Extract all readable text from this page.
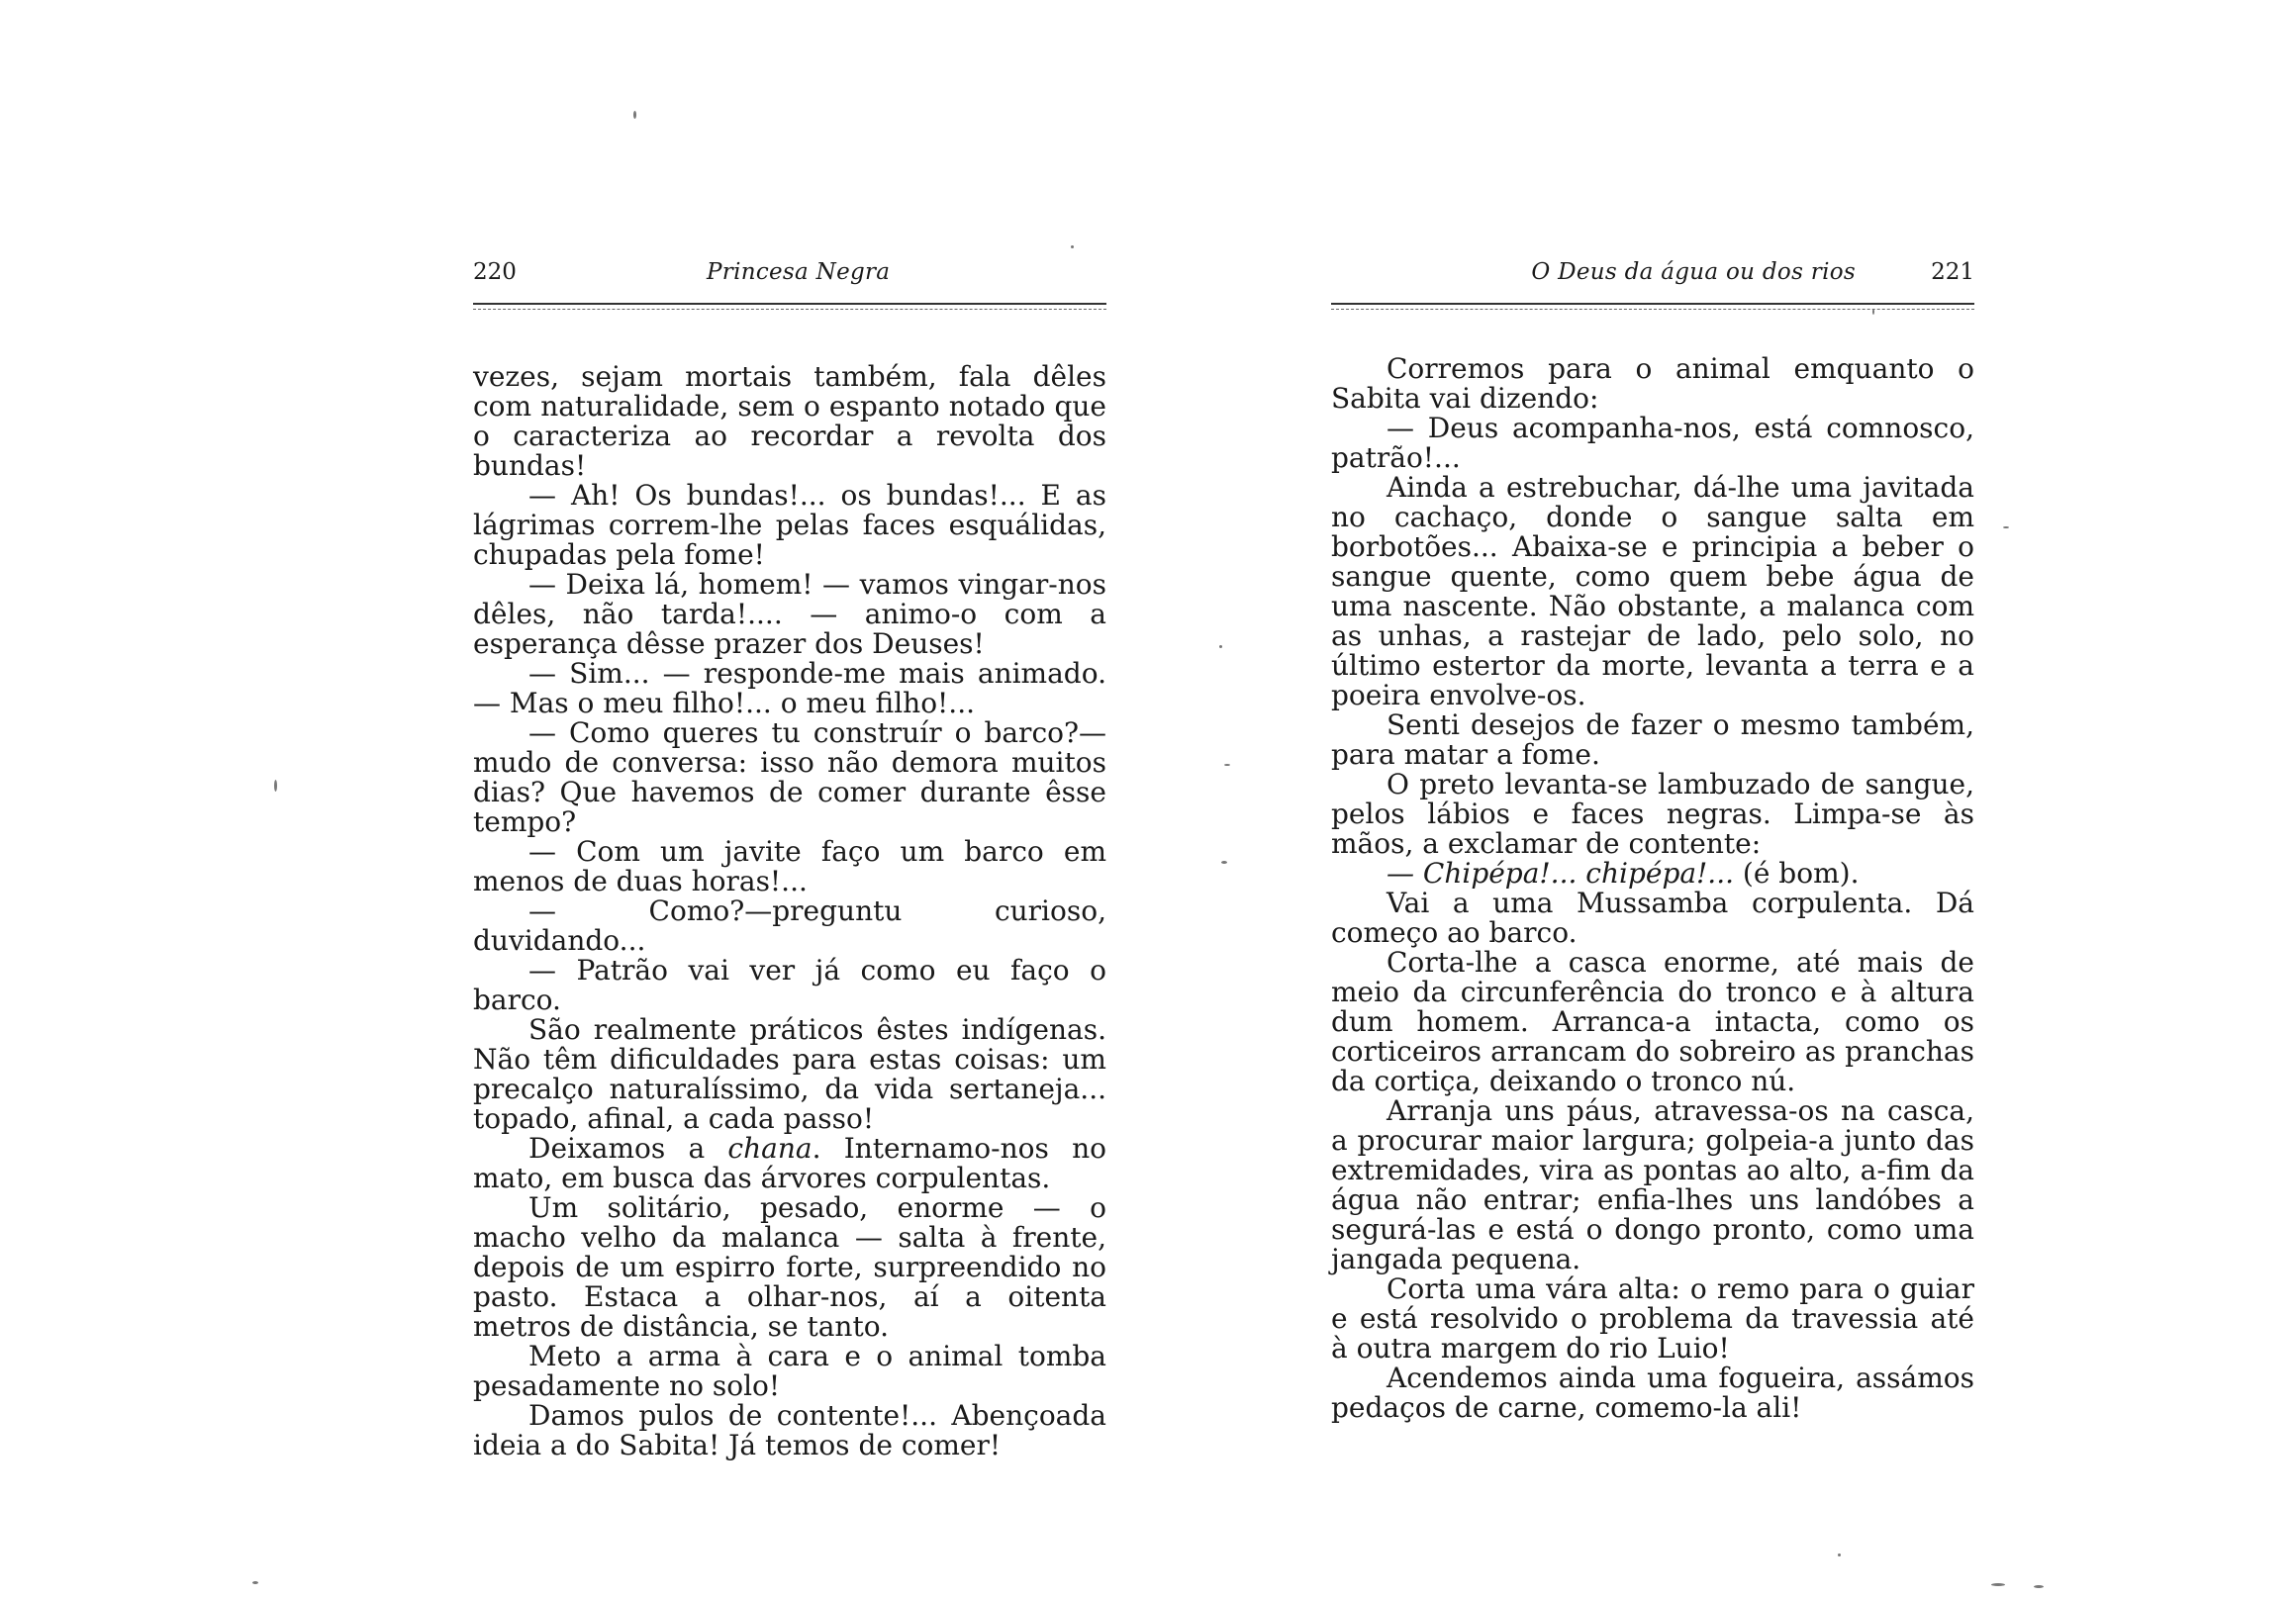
220	Princesa Negra

vezes, sejam mortais também, fala dêles com naturalidade, sem o espanto notado que o caracteriza ao recordar a revolta dos bundas!

— Ah! Os bundas!... os bundas!... E as lágrimas correm-lhe pelas faces esquálidas, chupadas pela fome!

— Deixa lá, homem! — vamos vingar-nos dêles, não tarda!.... — animo-o com a esperança dêsse prazer dos Deuses!

— Sim... — responde-me mais animado. — Mas o meu filho!... o meu filho!...

— Como queres tu construír o barco?— mudo de conversa: isso não demora muitos dias? Que havemos de comer durante êsse tempo?

— Com um javite faço um barco em menos de duas horas!...

— Como?—preguntu curioso, duvidando...

— Patrão vai ver já como eu faço o barco.

São realmente práticos êstes indígenas. Não têm dificuldades para estas coisas: um precalço naturalíssimo, da vida sertaneja... topado, afinal, a cada passo!

Deixamos a chana. Internamo-nos no mato, em busca das árvores corpulentas.

Um solitário, pesado, enorme — o macho velho da malanca — salta à frente, depois de um espirro forte, surpreendido no pasto. Estaca a olhar-nos, aí a oitenta metros de distância, se tanto.

Meto a arma à cara e o animal tomba pesadamente no solo!

Damos pulos de contente!... Abençoada ideia a do Sabita! Já temos de comer!

O Deus da água ou dos rios	221

Corremos para o animal emquanto o Sabita vai dizendo:

— Deus acompanha-nos, está comnosco, patrão!...

Ainda a estrebuchar, dá-lhe uma javitada no cachaço, donde o sangue salta em borbotões... Abaixa-se e principia a beber o sangue quente, como quem bebe água de uma nascente. Não obstante, a malanca com as unhas, a rastejar de lado, pelo solo, no último estertor da morte, levanta a terra e a poeira envolve-os.

Senti desejos de fazer o mesmo também, para matar a fome.

O preto levanta-se lambuzado de sangue, pelos lábios e faces negras. Limpa-se às mãos, a exclamar de contente:

— Chipépa!... chipépa!... (é bom).

Vai a uma Mussamba corpulenta. Dá começo ao barco.

Corta-lhe a casca enorme, até mais de meio da circunferência do tronco e à altura dum homem. Arranca-a intacta, como os corticeiros arrancam do sobreiro as pranchas da cortiça, deixando o tronco nú.

Arranja uns páus, atravessa-os na casca, a procurar maior largura; golpeia-a junto das extremidades, vira as pontas ao alto, a-fim da água não entrar; enfia-lhes uns landóbes a segurá-las e está o dongo pronto, como uma jangada pequena.

Corta uma vára alta: o remo para o guiar e está resolvido o problema da travessia até à outra margem do rio Luio!

Acendemos ainda uma fogueira, assámos pedaços de carne, comemo-la ali!
